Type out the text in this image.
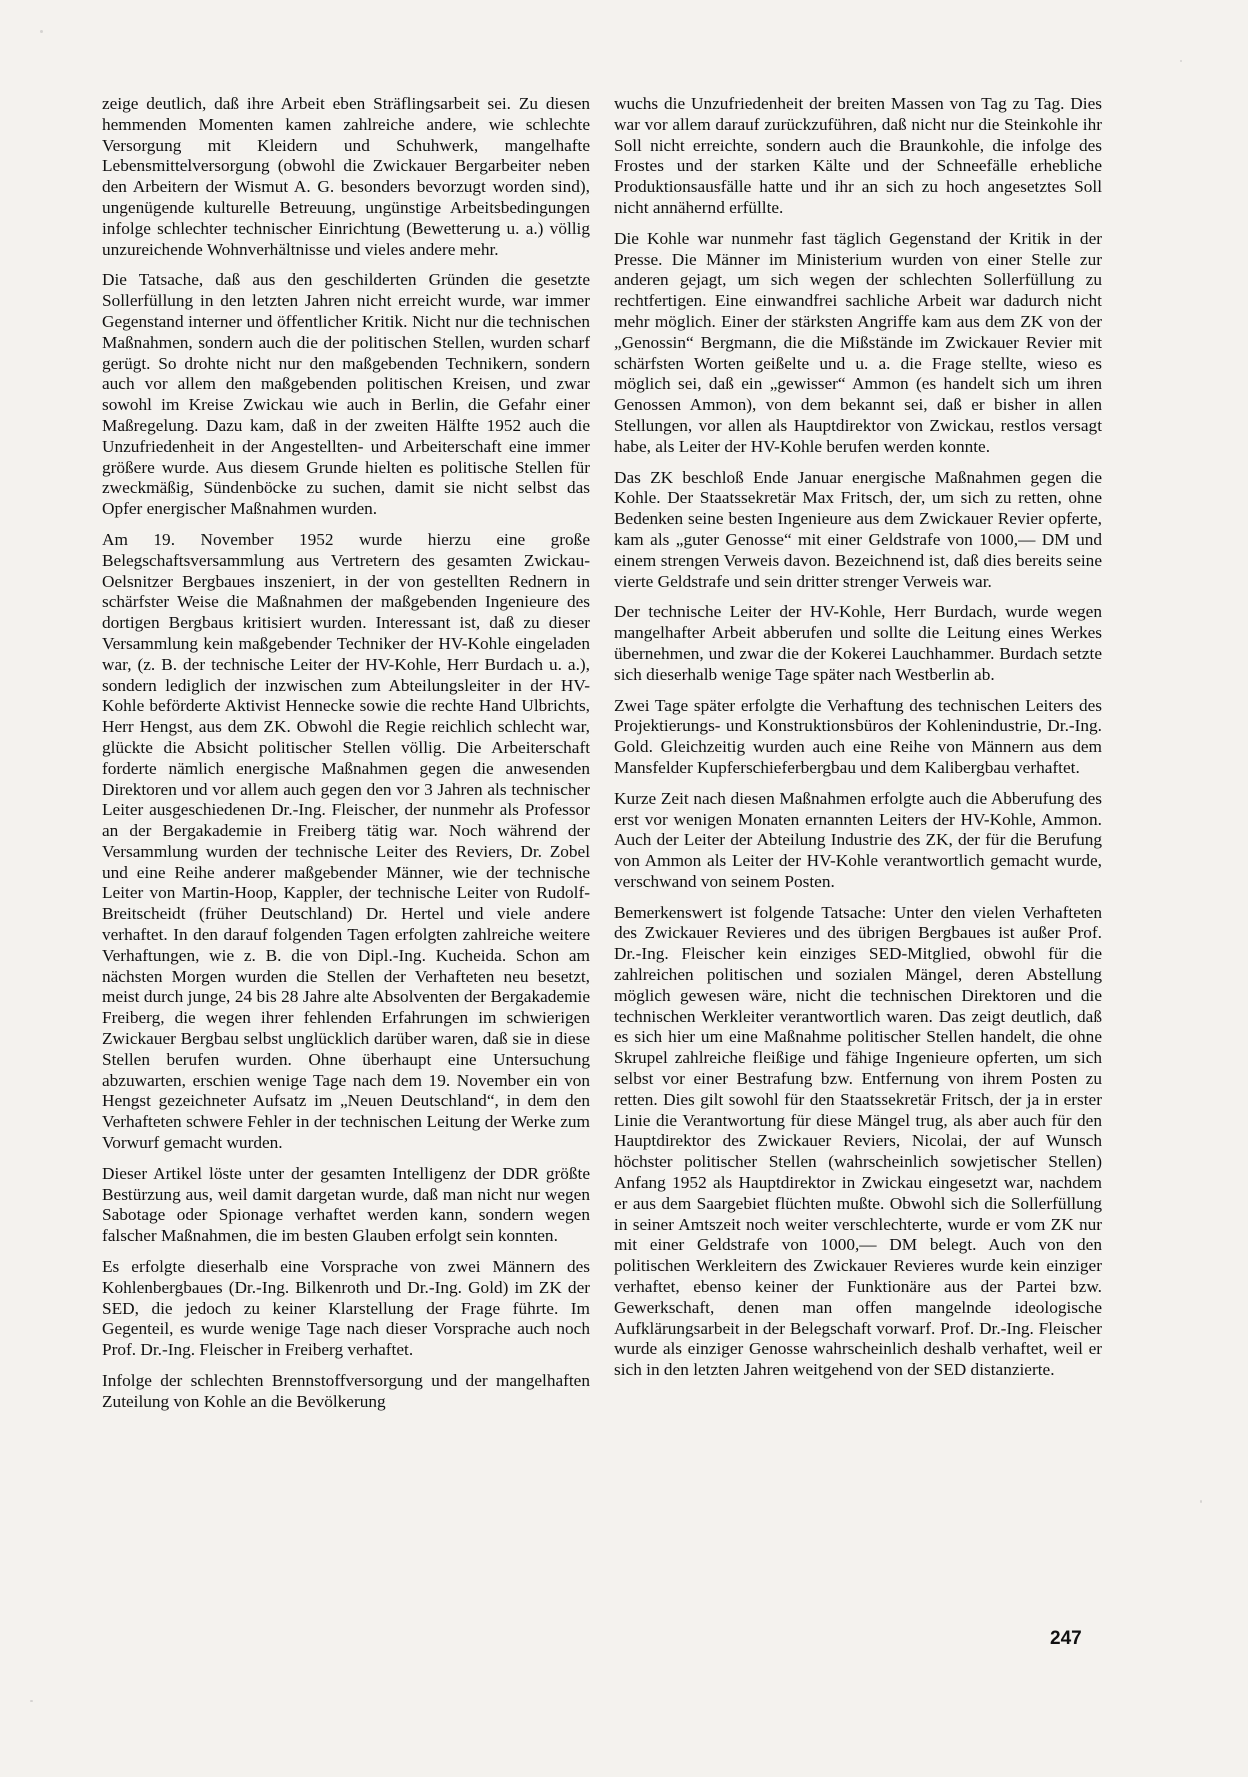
zeige deutlich, daß ihre Arbeit eben Sträflingsarbeit sei. Zu diesen hemmenden Momenten kamen zahlreiche andere, wie schlechte Versorgung mit Kleidern und Schuhwerk, mangelhafte Lebensmittelversorgung (obwohl die Zwickauer Bergarbeiter neben den Arbeitern der Wismut A. G. besonders bevorzugt worden sind), ungenügende kulturelle Betreuung, ungünstige Arbeitsbedingungen infolge schlechter technischer Einrichtung (Bewetterung u. a.) völlig unzureichende Wohnverhältnisse und vieles andere mehr.

Die Tatsache, daß aus den geschilderten Gründen die gesetzte Sollerfüllung in den letzten Jahren nicht erreicht wurde, war immer Gegenstand interner und öffentlicher Kritik. Nicht nur die technischen Maßnahmen, sondern auch die der politischen Stellen, wurden scharf gerügt. So drohte nicht nur den maßgebenden Technikern, sondern auch vor allem den maßgebenden politischen Kreisen, und zwar sowohl im Kreise Zwickau wie auch in Berlin, die Gefahr einer Maßregelung. Dazu kam, daß in der zweiten Hälfte 1952 auch die Unzufriedenheit in der Angestellten- und Arbeiterschaft eine immer größere wurde. Aus diesem Grunde hielten es politische Stellen für zweckmäßig, Sündenböcke zu suchen, damit sie nicht selbst das Opfer energischer Maßnahmen wurden.

Am 19. November 1952 wurde hierzu eine große Belegschaftsversammlung aus Vertretern des gesamten Zwickau-Oelsnitzer Bergbaues inszeniert, in der von gestellten Rednern in schärfster Weise die Maßnahmen der maßgebenden Ingenieure des dortigen Bergbaus kritisiert wurden. Interessant ist, daß zu dieser Versammlung kein maßgebender Techniker der HV-Kohle eingeladen war, (z. B. der technische Leiter der HV-Kohle, Herr Burdach u. a.), sondern lediglich der inzwischen zum Abteilungsleiter in der HV-Kohle beförderte Aktivist Hennecke sowie die rechte Hand Ulbrichts, Herr Hengst, aus dem ZK. Obwohl die Regie reichlich schlecht war, glückte die Absicht politischer Stellen völlig. Die Arbeiterschaft forderte nämlich energische Maßnahmen gegen die anwesenden Direktoren und vor allem auch gegen den vor 3 Jahren als technischer Leiter ausgeschiedenen Dr.-Ing. Fleischer, der nunmehr als Professor an der Bergakademie in Freiberg tätig war. Noch während der Versammlung wurden der technische Leiter des Reviers, Dr. Zobel und eine Reihe anderer maßgebender Männer, wie der technische Leiter von Martin-Hoop, Kappler, der technische Leiter von Rudolf-Breitscheidt (früher Deutschland) Dr. Hertel und viele andere verhaftet. In den darauf folgenden Tagen erfolgten zahlreiche weitere Verhaftungen, wie z. B. die von Dipl.-Ing. Kucheida. Schon am nächsten Morgen wurden die Stellen der Verhafteten neu besetzt, meist durch junge, 24 bis 28 Jahre alte Absolventen der Bergakademie Freiberg, die wegen ihrer fehlenden Erfahrungen im schwierigen Zwickauer Bergbau selbst unglücklich darüber waren, daß sie in diese Stellen berufen wurden. Ohne überhaupt eine Untersuchung abzuwarten, erschien wenige Tage nach dem 19. November ein von Hengst gezeichneter Aufsatz im „Neuen Deutschland“, in dem den Verhafteten schwere Fehler in der technischen Leitung der Werke zum Vorwurf gemacht wurden.

Dieser Artikel löste unter der gesamten Intelligenz der DDR größte Bestürzung aus, weil damit dargetan wurde, daß man nicht nur wegen Sabotage oder Spionage verhaftet werden kann, sondern wegen falscher Maßnahmen, die im besten Glauben erfolgt sein konnten.

Es erfolgte dieserhalb eine Vorsprache von zwei Männern des Kohlenbergbaues (Dr.-Ing. Bilkenroth und Dr.-Ing. Gold) im ZK der SED, die jedoch zu keiner Klarstellung der Frage führte. Im Gegenteil, es wurde wenige Tage nach dieser Vorsprache auch noch Prof. Dr.-Ing. Fleischer in Freiberg verhaftet.

Infolge der schlechten Brennstoffversorgung und der mangelhaften Zuteilung von Kohle an die Bevölkerung

wuchs die Unzufriedenheit der breiten Massen von Tag zu Tag. Dies war vor allem darauf zurückzuführen, daß nicht nur die Steinkohle ihr Soll nicht erreichte, sondern auch die Braunkohle, die infolge des Frostes und der starken Kälte und der Schneefälle erhebliche Produktionsausfälle hatte und ihr an sich zu hoch angesetztes Soll nicht annähernd erfüllte.

Die Kohle war nunmehr fast täglich Gegenstand der Kritik in der Presse. Die Männer im Ministerium wurden von einer Stelle zur anderen gejagt, um sich wegen der schlechten Sollerfüllung zu rechtfertigen. Eine einwandfrei sachliche Arbeit war dadurch nicht mehr möglich. Einer der stärksten Angriffe kam aus dem ZK von der „Genossin“ Bergmann, die die Mißstände im Zwickauer Revier mit schärfsten Worten geißelte und u. a. die Frage stellte, wieso es möglich sei, daß ein „gewisser“ Ammon (es handelt sich um ihren Genossen Ammon), von dem bekannt sei, daß er bisher in allen Stellungen, vor allen als Hauptdirektor von Zwickau, restlos versagt habe, als Leiter der HV-Kohle berufen werden konnte.

Das ZK beschloß Ende Januar energische Maßnahmen gegen die Kohle. Der Staatssekretär Max Fritsch, der, um sich zu retten, ohne Bedenken seine besten Ingenieure aus dem Zwickauer Revier opferte, kam als „guter Genosse“ mit einer Geldstrafe von 1000,— DM und einem strengen Verweis davon. Bezeichnend ist, daß dies bereits seine vierte Geldstrafe und sein dritter strenger Verweis war.

Der technische Leiter der HV-Kohle, Herr Burdach, wurde wegen mangelhafter Arbeit abberufen und sollte die Leitung eines Werkes übernehmen, und zwar die der Kokerei Lauchhammer. Burdach setzte sich dieserhalb wenige Tage später nach Westberlin ab.

Zwei Tage später erfolgte die Verhaftung des technischen Leiters des Projektierungs- und Konstruktionsbüros der Kohlenindustrie, Dr.-Ing. Gold. Gleichzeitig wurden auch eine Reihe von Männern aus dem Mansfelder Kupferschieferbergbau und dem Kalibergbau verhaftet.

Kurze Zeit nach diesen Maßnahmen erfolgte auch die Abberufung des erst vor wenigen Monaten ernannten Leiters der HV-Kohle, Ammon. Auch der Leiter der Abteilung Industrie des ZK, der für die Berufung von Ammon als Leiter der HV-Kohle verantwortlich gemacht wurde, verschwand von seinem Posten.

Bemerkenswert ist folgende Tatsache: Unter den vielen Verhafteten des Zwickauer Revieres und des übrigen Bergbaues ist außer Prof. Dr.-Ing. Fleischer kein einziges SED-Mitglied, obwohl für die zahlreichen politischen und sozialen Mängel, deren Abstellung möglich gewesen wäre, nicht die technischen Direktoren und die technischen Werkleiter verantwortlich waren. Das zeigt deutlich, daß es sich hier um eine Maßnahme politischer Stellen handelt, die ohne Skrupel zahlreiche fleißige und fähige Ingenieure opferten, um sich selbst vor einer Bestrafung bzw. Entfernung von ihrem Posten zu retten. Dies gilt sowohl für den Staatssekretär Fritsch, der ja in erster Linie die Verantwortung für diese Mängel trug, als aber auch für den Hauptdirektor des Zwickauer Reviers, Nicolai, der auf Wunsch höchster politischer Stellen (wahrscheinlich sowjetischer Stellen) Anfang 1952 als Hauptdirektor in Zwickau eingesetzt war, nachdem er aus dem Saargebiet flüchten mußte. Obwohl sich die Sollerfüllung in seiner Amtszeit noch weiter verschlechterte, wurde er vom ZK nur mit einer Geldstrafe von 1000,— DM belegt. Auch von den politischen Werkleitern des Zwickauer Revieres wurde kein einziger verhaftet, ebenso keiner der Funktionäre aus der Partei bzw. Gewerkschaft, denen man offen mangelnde ideologische Aufklärungsarbeit in der Belegschaft vorwarf. Prof. Dr.-Ing. Fleischer wurde als einziger Genosse wahrscheinlich deshalb verhaftet, weil er sich in den letzten Jahren weitgehend von der SED distanzierte.

247
